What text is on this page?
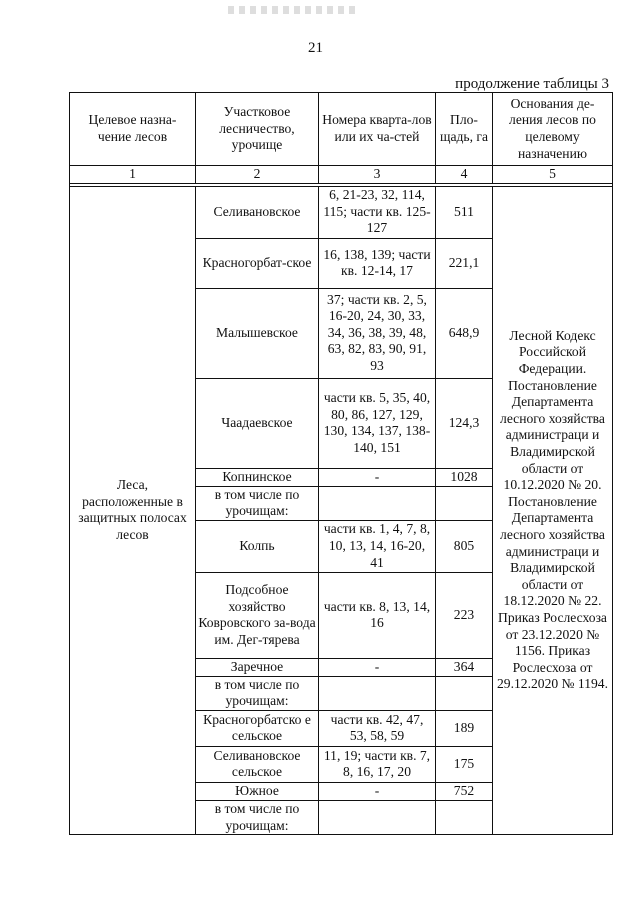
21
продолжение таблицы 3
Целевое назна-чение лесов	Участковое лесничество, урочище	Номера кварта-лов или их ча-стей	Пло-щадь, га	Основания де-ления лесов по целевому назначению
1	2	3	4	5

Леса, расположенные в защитных полосах лесов	Селивановское	6, 21-23, 32, 114, 115; части кв. 125-127	511	Лесной Кодекс Российской Федерации. Постановление Департамента лесного хозяйства администраци и Владимирской области от 10.12.2020 № 20. Постановление Департамента лесного хозяйства администраци и Владимирской области от 18.12.2020 № 22. Приказ Рослесхоза от 23.12.2020 № 1156. Приказ Рослесхоза от 29.12.2020 № 1194.
	Красногорбат-ское	16, 138, 139; части кв. 12-14, 17	221,1	
	Малышевское	37; части кв. 2, 5, 16-20, 24, 30, 33, 34, 36, 38, 39, 48, 63, 82, 83, 90, 91, 93	648,9	
	Чаадаевское	части кв. 5, 35, 40, 80, 86, 127, 129, 130, 134, 137, 138-140, 151	124,3	
	Копнинское	-	1028	
	в том числе по урочищам:			
	Колпь	части кв. 1, 4, 7, 8, 10, 13, 14, 16-20, 41	805	
	Подсобное хозяйство Ковровского за-вода им. Дег-тярева	части кв. 8, 13, 14, 16	223	
	Заречное	-	364	
	в том числе по урочищам:			
	Красногорбатско е сельское	части кв. 42, 47, 53, 58, 59	189	
	Селивановское сельское	11, 19; части кв. 7, 8, 16, 17, 20	175	
	Южное	-	752	
	в том числе по урочищам:			
